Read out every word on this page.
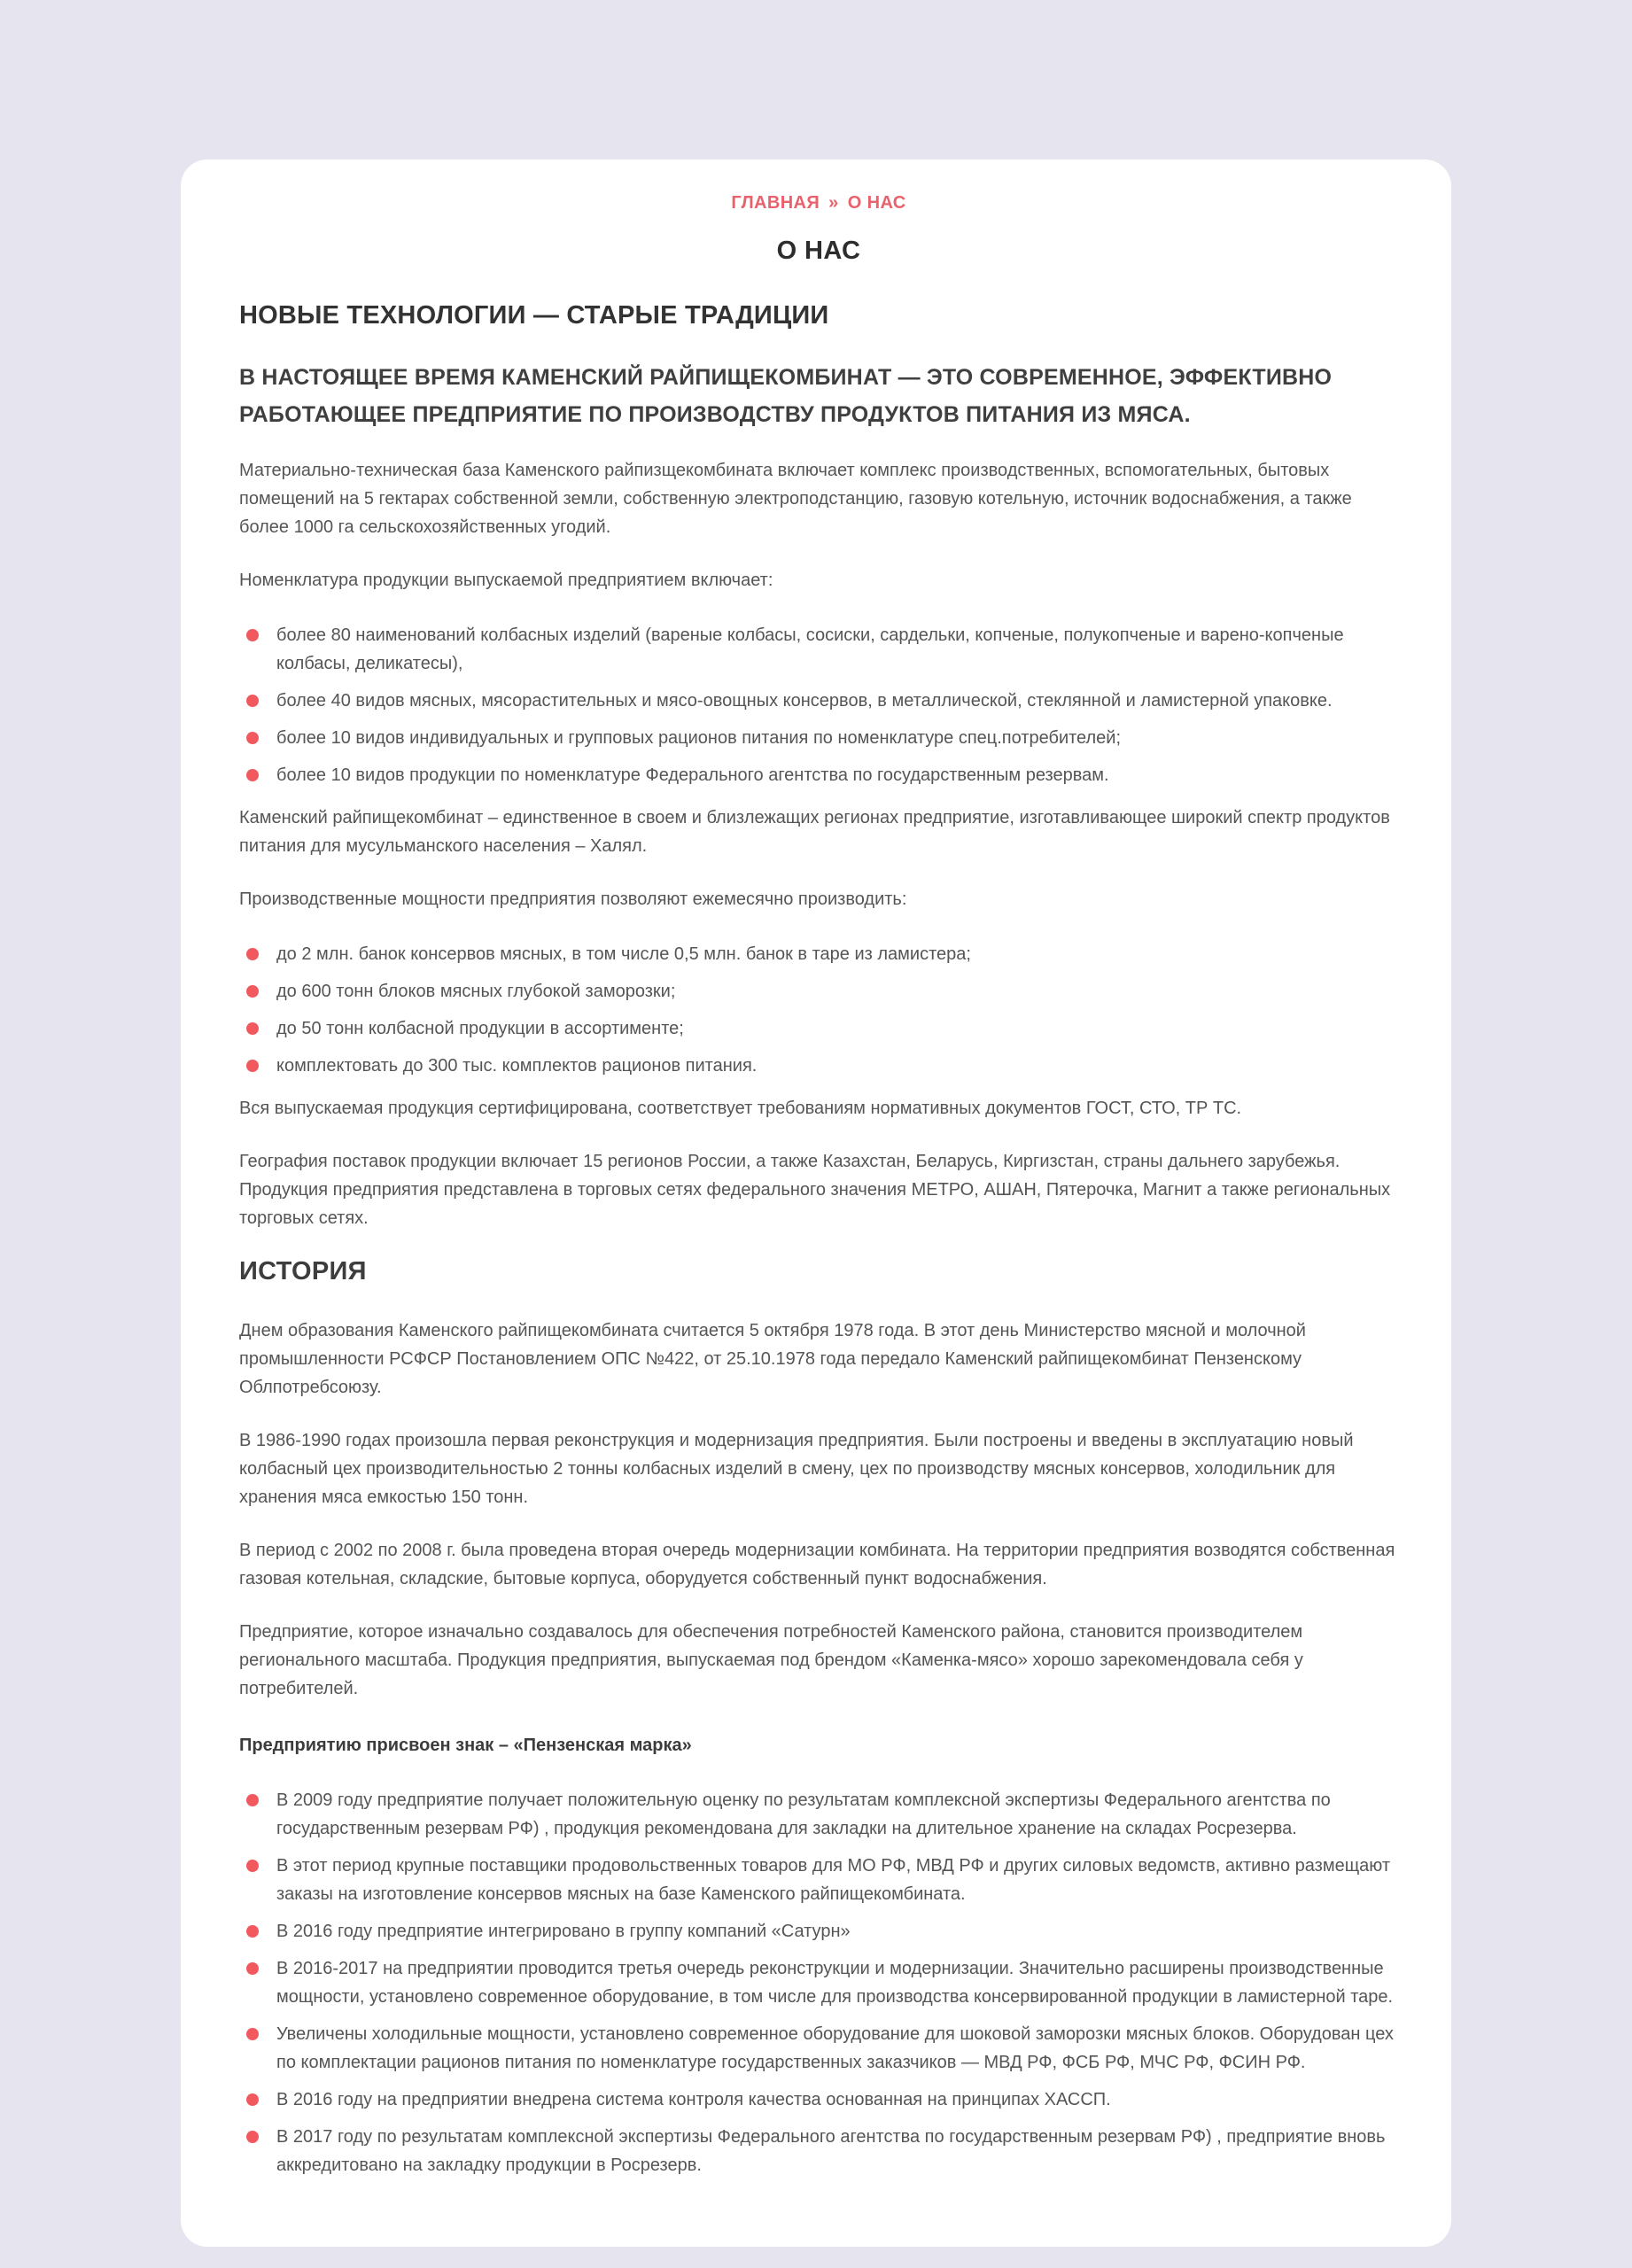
ГЛАВНАЯ » О НАС
О НАС
НОВЫЕ ТЕХНОЛОГИИ — СТАРЫЕ ТРАДИЦИИ
В НАСТОЯЩЕЕ ВРЕМЯ КАМЕНСКИЙ РАЙПИЩЕКОМБИНАТ — ЭТО СОВРЕМЕННОЕ, ЭФФЕКТИВНО РАБОТАЮЩЕЕ ПРЕДПРИЯТИЕ ПО ПРОИЗВОДСТВУ ПРОДУКТОВ ПИТАНИЯ ИЗ МЯСА.

Материально-техническая база Каменского райпизщекомбината включает комплекс производственных, вспомогательных, бытовых помещений на 5 гектарах собственной земли, собственную электроподстанцию, газовую котельную, источник водоснабжения, а также более 1000 га сельскохозяйственных угодий.

Номенклатура продукции выпускаемой предприятием включает:

более 80 наименований колбасных изделий (вареные колбасы, сосиски, сардельки, копченые, полукопченые и варено-копченые колбасы, деликатесы),
более 40 видов мясных, мясорастительных и мясо-овощных консервов, в металлической, стеклянной и ламистерной упаковке.
более 10 видов индивидуальных и групповых рационов питания по номенклатуре спец.потребителей;
более 10 видов продукции по номенклатуре Федерального агентства по государственным резервам.

Каменский райпищекомбинат – единственное в своем и близлежащих регионах предприятие, изготавливающее широкий спектр продуктов питания для мусульманского населения – Халял.

Производственные мощности предприятия позволяют ежемесячно производить:

до 2 млн. банок консервов мясных, в том числе 0,5 млн. банок в таре из ламистера;
до 600 тонн блоков мясных глубокой заморозки;
до 50 тонн колбасной продукции в ассортименте;
комплектовать до 300 тыс. комплектов рационов питания.

Вся выпускаемая продукция сертифицирована, соответствует требованиям нормативных документов ГОСТ, СТО, ТР ТС.

География поставок продукции включает 15 регионов России, а также Казахстан, Беларусь, Киргизстан, страны дальнего зарубежья. Продукция предприятия представлена в торговых сетях федерального значения МЕТРО, АШАН, Пятерочка, Магнит а также региональных торговых сетях.

ИСТОРИЯ

Днем образования Каменского райпищекомбината считается 5 октября 1978 года. В этот день Министерство мясной и молочной промышленности РСФСР Постановлением ОПС №422, от 25.10.1978 года передало Каменский райпищекомбинат Пензенскому Облпотребсоюзу.

В 1986-1990 годах произошла первая реконструкция и модернизация предприятия. Были построены и введены в эксплуатацию новый колбасный цех производительностью 2 тонны колбасных изделий в смену, цех по производству мясных консервов, холодильник для хранения мяса емкостью 150 тонн.

В период с 2002 по 2008 г. была проведена вторая очередь модернизации комбината. На территории предприятия возводятся собственная газовая котельная, складские, бытовые корпуса, оборудуется собственный пункт водоснабжения.

Предприятие, которое изначально создавалось для обеспечения потребностей Каменского района, становится производителем регионального масштаба. Продукция предприятия, выпускаемая под брендом «Каменка-мясо» хорошо зарекомендовала себя у потребителей.

Предприятию присвоен знак – «Пензенская марка»

В 2009 году предприятие получает положительную оценку по результатам комплексной экспертизы Федерального агентства по государственным резервам РФ) , продукция рекомендована для закладки на длительное хранение на складах Росрезерва.
В этот период крупные поставщики продовольственных товаров для МО РФ, МВД РФ и других силовых ведомств, активно размещают заказы на изготовление консервов мясных на базе Каменского райпищекомбината.
В 2016 году предприятие интегрировано в группу компаний «Сатурн»
В 2016-2017 на предприятии проводится третья очередь реконструкции и модернизации. Значительно расширены производственные мощности, установлено современное оборудование, в том числе для производства консервированной продукции в ламистерной таре.
Увеличены холодильные мощности, установлено современное оборудование для шоковой заморозки мясных блоков. Оборудован цех по комплектации рационов питания по номенклатуре государственных заказчиков — МВД РФ, ФСБ РФ, МЧС РФ, ФСИН РФ.
В 2016 году на предприятии внедрена система контроля качества основанная на принципах ХАССП.
В 2017 году по результатам комплексной экспертизы Федерального агентства по государственным резервам РФ) , предприятие вновь аккредитовано на закладку продукции в Росрезерв.
